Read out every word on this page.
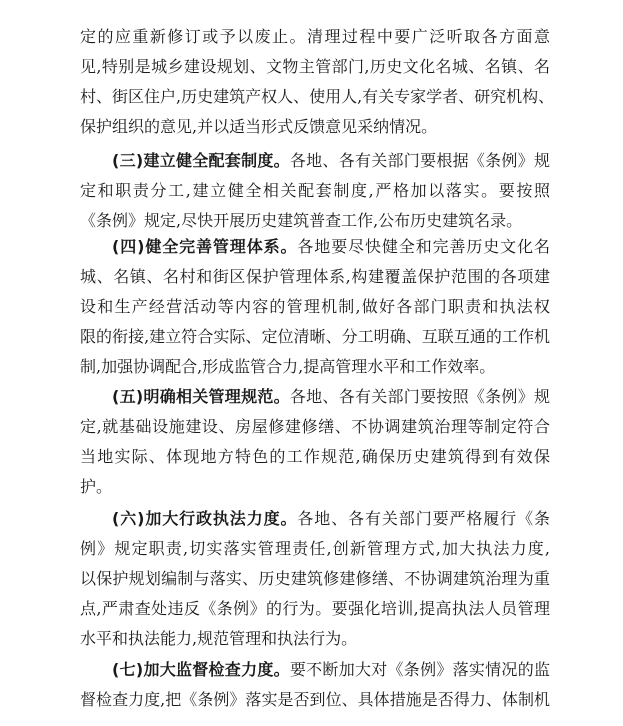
定的应重新修订或予以废止。清理过程中要广泛听取各方面意
见,特别是城乡建设规划、文物主管部门,历史文化名城、名镇、名
村、街区住户,历史建筑产权人、使用人,有关专家学者、研究机构、
保护组织的意见,并以适当形式反馈意见采纳情况。
(三)建立健全配套制度。各地、各有关部门要根据《条例》规
定和职责分工,建立健全相关配套制度,严格加以落实。要按照
《条例》规定,尽快开展历史建筑普查工作,公布历史建筑名录。
(四)健全完善管理体系。各地要尽快健全和完善历史文化名
城、名镇、名村和街区保护管理体系,构建覆盖保护范围的各项建
设和生产经营活动等内容的管理机制,做好各部门职责和执法权
限的衔接,建立符合实际、定位清晰、分工明确、互联互通的工作机
制,加强协调配合,形成监管合力,提高管理水平和工作效率。
(五)明确相关管理规范。各地、各有关部门要按照《条例》规
定,就基础设施建设、房屋修建修缮、不协调建筑治理等制定符合
当地实际、体现地方特色的工作规范,确保历史建筑得到有效保
护。
(六)加大行政执法力度。各地、各有关部门要严格履行《条
例》规定职责,切实落实管理责任,创新管理方式,加大执法力度,
以保护规划编制与落实、历史建筑修建修缮、不协调建筑治理为重
点,严肃查处违反《条例》的行为。要强化培训,提高执法人员管理
水平和执法能力,规范管理和执法行为。
(七)加大监督检查力度。要不断加大对《条例》落实情况的监
督检查力度,把《条例》落实是否到位、具体措施是否得力、体制机
